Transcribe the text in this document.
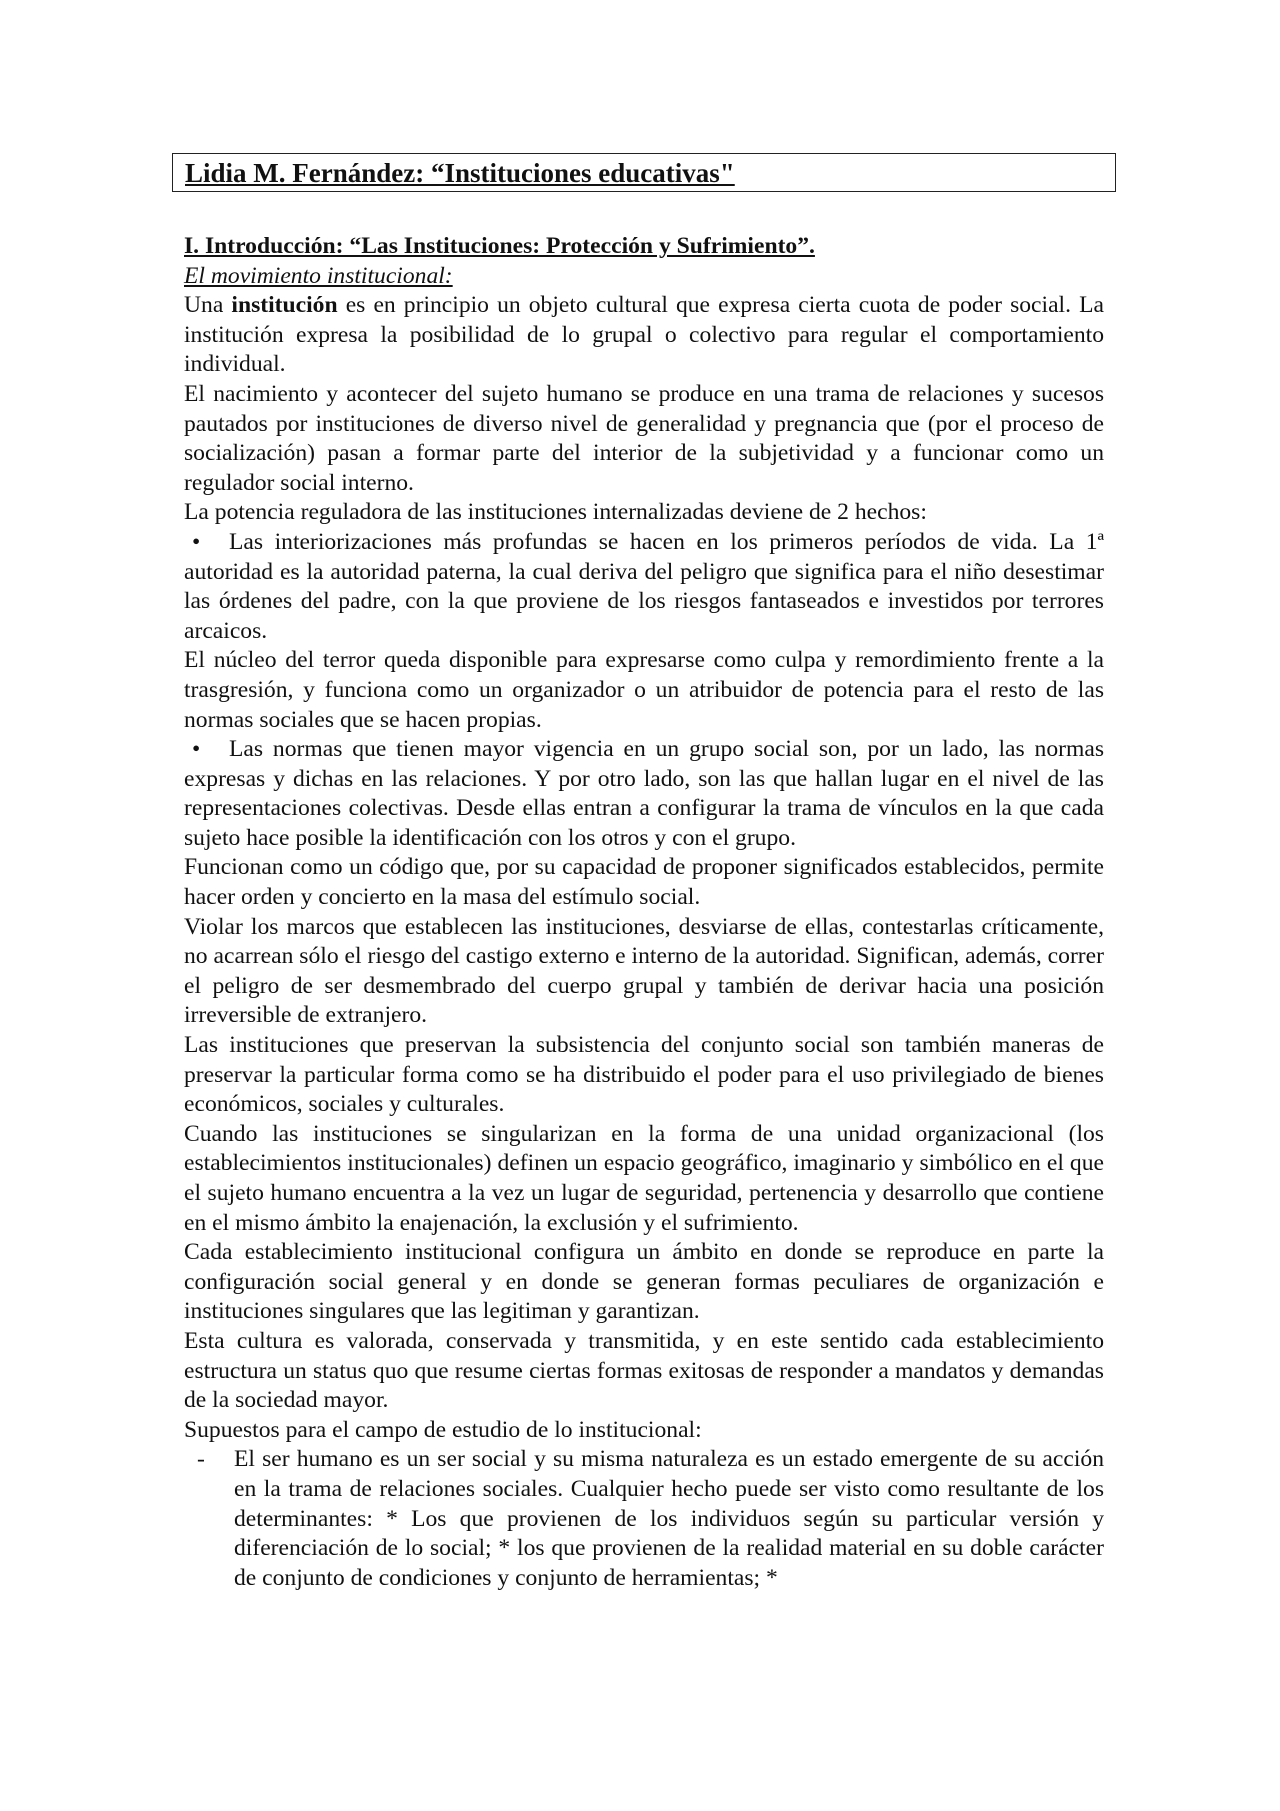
Lidia M. Fernández: “Instituciones educativas"

I. Introducción: “Las Instituciones: Protección y Sufrimiento”.

El movimiento institucional:

Una institución es en principio un objeto cultural que expresa cierta cuota de poder social. La institución expresa la posibilidad de lo grupal o colectivo para regular el comportamiento individual.

El nacimiento y acontecer del sujeto humano se produce en una trama de relaciones y sucesos pautados por instituciones de diverso nivel de generalidad y pregnancia que (por el proceso de socialización) pasan a formar parte del interior de la subjetividad y a funcionar como un regulador social interno.

La potencia reguladora de las instituciones internalizadas deviene de 2 hechos:

•	Las interiorizaciones más profundas se hacen en los primeros períodos de vida. La 1ª autoridad es la autoridad paterna, la cual deriva del peligro que significa para el niño desestimar las órdenes del padre, con la que proviene de los riesgos fantaseados e investidos por terrores arcaicos.

El núcleo del terror queda disponible para expresarse como culpa y remordimiento frente a la trasgresión, y funciona como un organizador o un atribuidor de potencia para el resto de las normas sociales que se hacen propias.

•	Las normas que tienen mayor vigencia en un grupo social son, por un lado, las normas expresas y dichas en las relaciones. Y por otro lado, son las que hallan lugar en el nivel de las representaciones colectivas. Desde ellas entran a configurar la trama de vínculos en la que cada sujeto hace posible la identificación con los otros y con el grupo.

Funcionan como un código que, por su capacidad de proponer significados establecidos, permite hacer orden y concierto en la masa del estímulo social.

Violar los marcos que establecen las instituciones, desviarse de ellas, contestarlas críticamente, no acarrean sólo el riesgo del castigo externo e interno de la autoridad. Significan, además, correr el peligro de ser desmembrado del cuerpo grupal y también de derivar hacia una posición irreversible de extranjero.

Las instituciones que preservan la subsistencia del conjunto social son también maneras de preservar la particular forma como se ha distribuido el poder para el uso privilegiado de bienes económicos, sociales y culturales.

Cuando las instituciones se singularizan en la forma de una unidad organizacional (los establecimientos institucionales) definen un espacio geográfico, imaginario y simbólico en el que el sujeto humano encuentra a la vez un lugar de seguridad, pertenencia y desarrollo que contiene en el mismo ámbito la enajenación, la exclusión y el sufrimiento.

Cada establecimiento institucional configura un ámbito en donde se reproduce en parte la configuración social general y en donde se generan formas peculiares de organización e instituciones singulares que las legitiman y garantizan.

Esta cultura es valorada, conservada y transmitida, y en este sentido cada establecimiento estructura un status quo que resume ciertas formas exitosas de responder a mandatos y demandas de la sociedad mayor.

Supuestos para el campo de estudio de lo institucional:

-	El ser humano es un ser social y su misma naturaleza es un estado emergente de su acción en la trama de relaciones sociales. Cualquier hecho puede ser visto como resultante de los determinantes: * Los que provienen de los individuos según su particular versión y diferenciación de lo social; * los que provienen de la realidad material en su doble carácter de conjunto de condiciones y conjunto de herramientas; *
